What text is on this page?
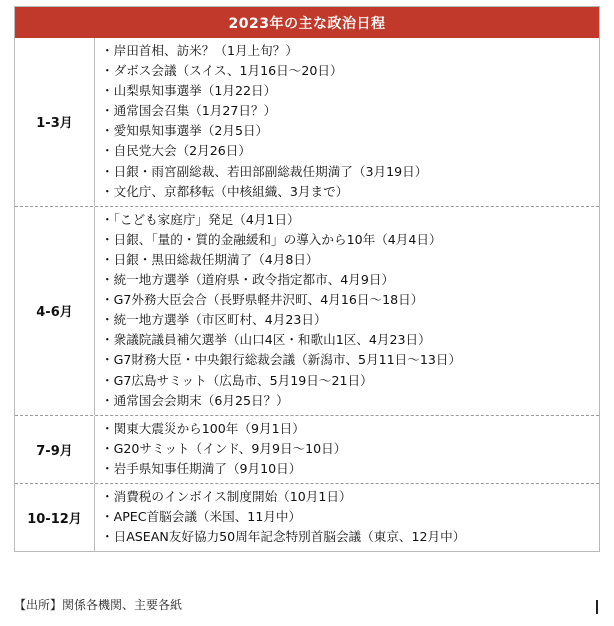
2023年の主な政治日程
1-3月
・岸田首相、訪米？（1月上旬？）
・ダボス会議（スイス、1月16日～20日）
・山梨県知事選挙（1月22日）
・通常国会召集（1月27日？）
・愛知県知事選挙（2月5日）
・自民党大会（2月26日）
・日銀・雨宮副総裁、若田部副総裁任期満了（3月19日）
・文化庁、京都移転（中核組織、3月まで）
4-6月
・「こども家庭庁」発足（4月1日）
・日銀、「量的・質的金融緩和」の導入から10年（4月4日）
・日銀・黒田総裁任期満了（4月8日）
・統一地方選挙（道府県・政令指定都市、4月9日）
・G7外務大臣会合（長野県軽井沢町、4月16日～18日）
・統一地方選挙（市区町村、4月23日）
・衆議院議員補欠選挙（山口4区・和歌山1区、4月23日）
・G7財務大臣・中央銀行総裁会議（新潟市、5月11日～13日）
・G7広島サミット（広島市、5月19日～21日）
・通常国会会期末（6月25日？）
7-9月
・関東大震災から100年（9月1日）
・G20サミット（インド、9月9日～10日）
・岩手県知事任期満了（9月10日）
10-12月
・消費税のインボイス制度開始（10月1日）
・APEC首脳会議（米国、11月中）
・日ASEAN友好協力50周年記念特別首脳会議（東京、12月中）
【出所】関係各機関、主要各紙
